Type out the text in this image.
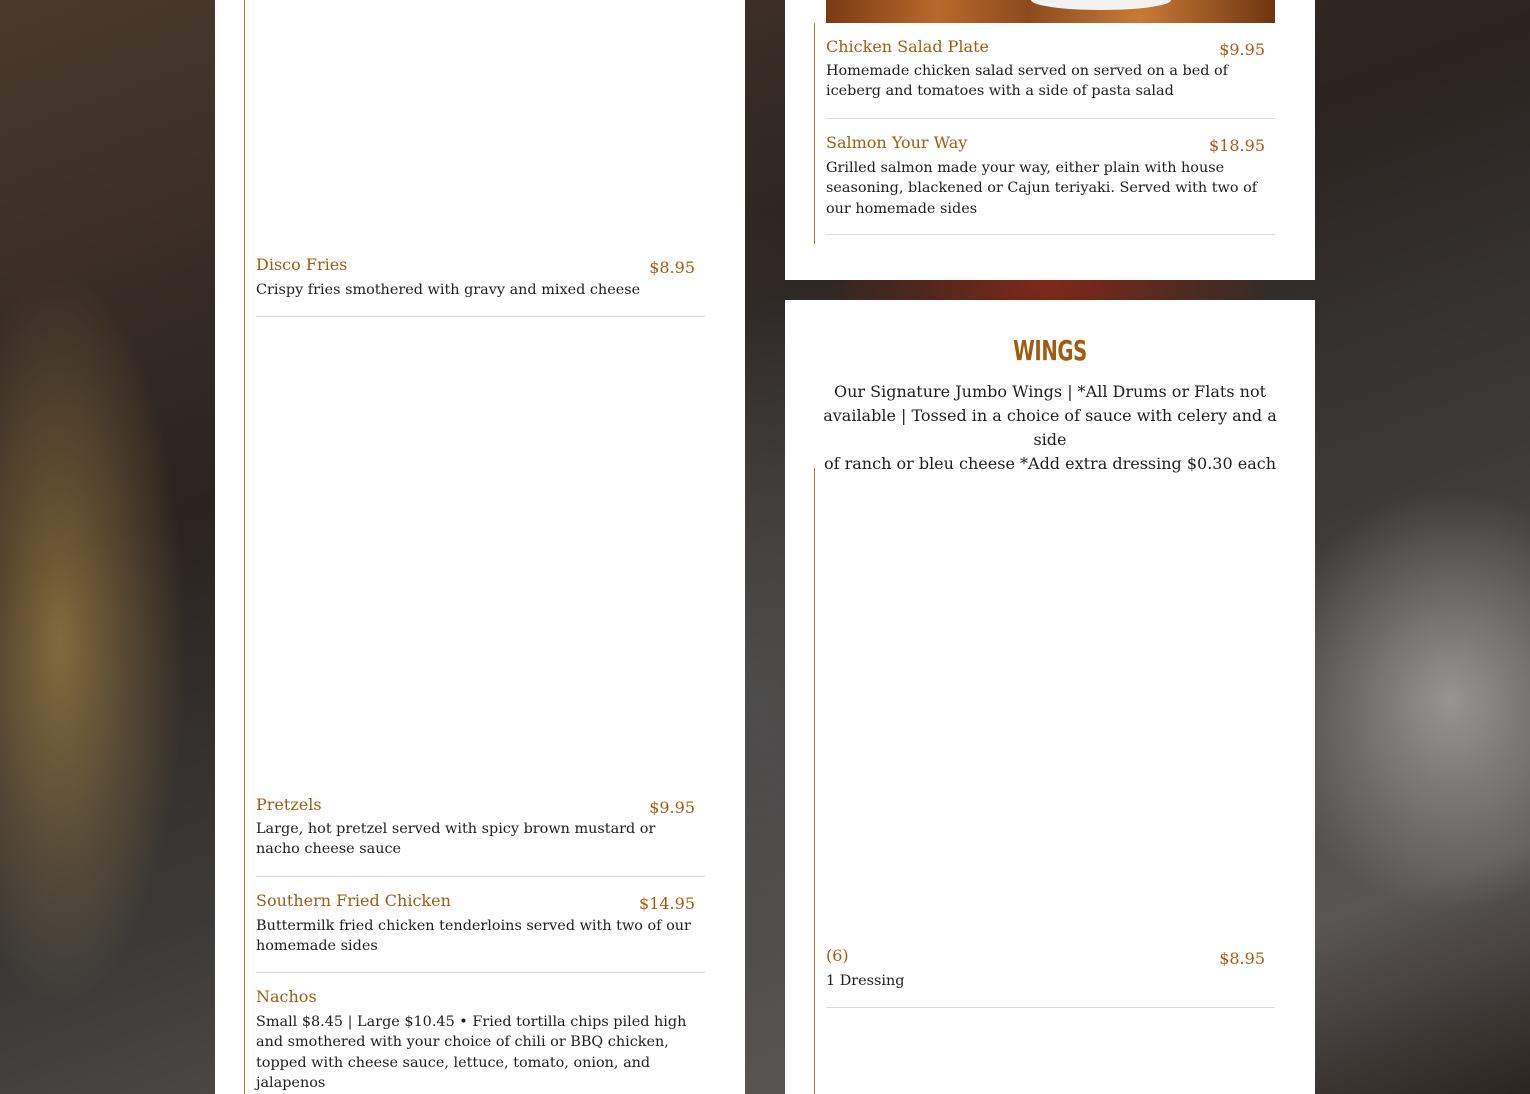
Disco Fries	$8.95
Crispy fries smothered with gravy and mixed cheese
Pretzels	$9.95
Large, hot pretzel served with spicy brown mustard or
nacho cheese sauce
Southern Fried Chicken	$14.95
Buttermilk fried chicken tenderloins served with two of our
homemade sides
Nachos
Small $8.45 | Large $10.45 • Fried tortilla chips piled high
and smothered with your choice of chili or BBQ chicken,
topped with cheese sauce, lettuce, tomato, onion, and
jalapenos
Chicken Salad Plate	$9.95
Homemade chicken salad served on served on a bed of
iceberg and tomatoes with a side of pasta salad
Salmon Your Way	$18.95
Grilled salmon made your way, either plain with house
seasoning, blackened or Cajun teriyaki. Served with two of
our homemade sides
WINGS
Our Signature Jumbo Wings | *All Drums or Flats not
available | Tossed in a choice of sauce with celery and a side
of ranch or bleu cheese *Add extra dressing $0.30 each
(6)	$8.95
1 Dressing
